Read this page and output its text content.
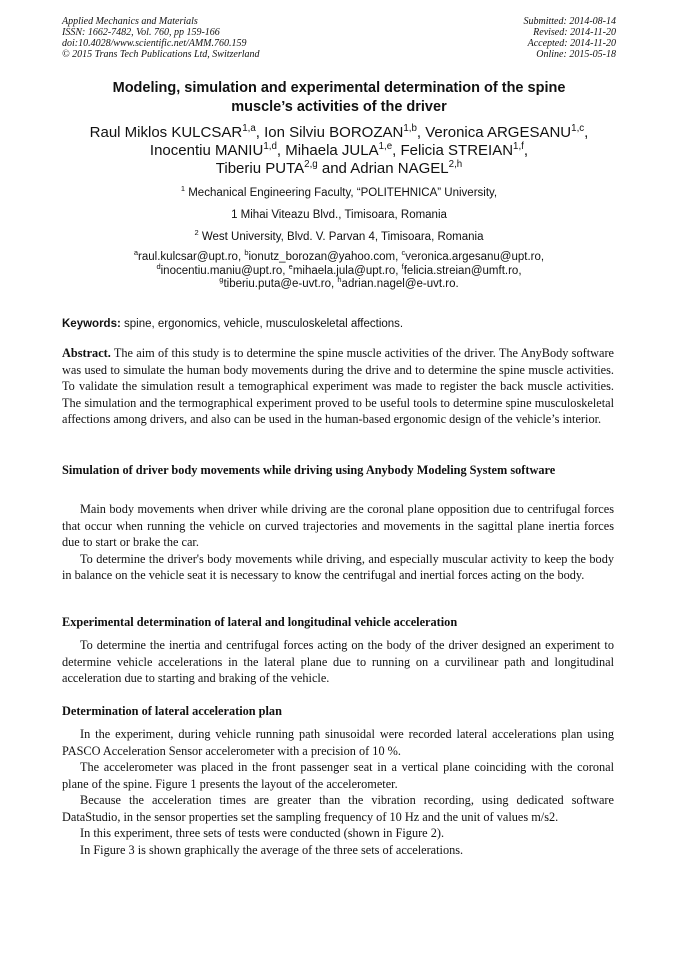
Applied Mechanics and Materials
ISSN: 1662-7482, Vol. 760, pp 159-166
doi:10.4028/www.scientific.net/AMM.760.159
© 2015 Trans Tech Publications Ltd, Switzerland
Submitted: 2014-08-14
Revised: 2014-11-20
Accepted: 2014-11-20
Online: 2015-05-18
Modeling, simulation and experimental determination of the spine
muscle’s activities of the driver
Raul Miklos KULCSAR$^{1,a}$, Ion Silviu BOROZAN$^{1,b}$, Veronica ARGESANU$^{1,c}$,
Inocentiu MANIU$^{1,d}$, Mihaela JULA$^{1,e}$, Felicia STREIAN$^{1,f}$,
Tiberiu PUTA$^{2,g}$ and Adrian NAGEL$^{2,h}$
$^1$ Mechanical Engineering Faculty, “POLITEHNICA” University,
1 Mihai Viteazu Blvd., Timisoara, Romania
$^2$ West University, Blvd. V. Parvan 4, Timisoara, Romania
$^a$raul.kulcsar@upt.ro, $^b$ionutz_borozan@yahoo.com, $^c$veronica.argesanu@upt.ro,
$^d$inocentiu.maniu@upt.ro, $^e$mihaela.jula@upt.ro, $^f$felicia.streian@umft.ro,
$^g$tiberiu.puta@e-uvt.ro, $^h$adrian.nagel@e-uvt.ro.
Keywords: spine, ergonomics, vehicle, musculoskeletal affections.

Abstract. The aim of this study is to determine the spine muscle activities of the driver. The AnyBody software was used to simulate the human body movements during the drive and to determine the spine muscle activities. To validate the simulation result a temographical experiment was made to register the back muscle activities. The simulation and the termographical experiment proved to be useful tools to determine spine musculoskeletal affections among drivers, and also can be used in the human-based ergonomic design of the vehicle’s interior.

Simulation of driver body movements while driving using Anybody Modeling System software

Main body movements when driver while driving are the coronal plane opposition due to centrifugal forces that occur when running the vehicle on curved trajectories and movements in the sagittal plane inertia forces due to start or brake the car.

To determine the driver's body movements while driving, and especially muscular activity to keep the body in balance on the vehicle seat it is necessary to know the centrifugal and inertial forces acting on the body.

Experimental determination of lateral and longitudinal vehicle acceleration

To determine the inertia and centrifugal forces acting on the body of the driver designed an experiment to determine vehicle accelerations in the lateral plane due to running on a curvilinear path and longitudinal acceleration due to starting and braking of the vehicle.

Determination of lateral acceleration plan

In the experiment, during vehicle running path sinusoidal were recorded lateral accelerations plan using PASCO Acceleration Sensor accelerometer with a precision of 10 %.

The accelerometer was placed in the front passenger seat in a vertical plane coinciding with the coronal plane of the spine. Figure 1 presents the layout of the accelerometer.

Because the acceleration times are greater than the vibration recording, using dedicated software DataStudio, in the sensor properties set the sampling frequency of 10 Hz and the unit of values m/s2.

In this experiment, three sets of tests were conducted (shown in Figure 2).

In Figure 3 is shown graphically the average of the three sets of accelerations.
